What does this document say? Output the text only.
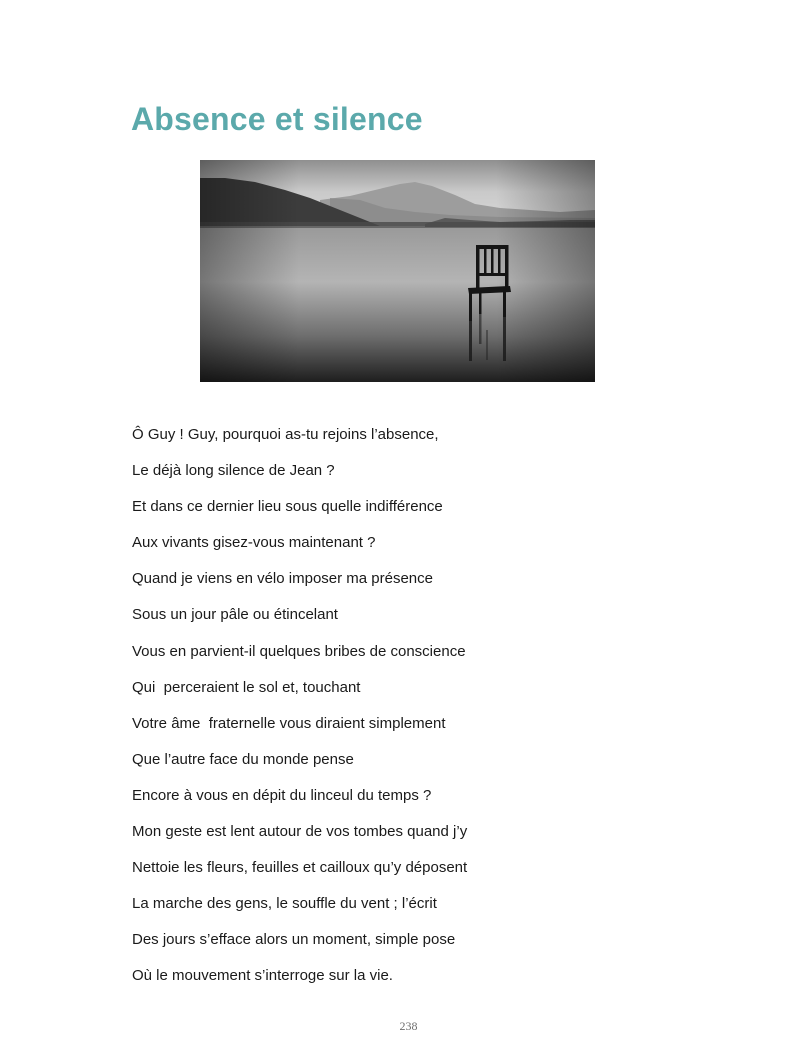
Absence et silence
Ô Guy ! Guy, pourquoi as-tu rejoins l’absence,
Le déjà long silence de Jean ?
Et dans ce dernier lieu sous quelle indifférence
Aux vivants gisez-vous maintenant ?
Quand je viens en vélo imposer ma présence
Sous un jour pâle ou étincelant
Vous en parvient-il quelques bribes de conscience
Qui  perceraient le sol et, touchant
Votre âme  fraternelle vous diraient simplement
Que l’autre face du monde pense
Encore à vous en dépit du linceul du temps ?
Mon geste est lent autour de vos tombes quand j’y
Nettoie les fleurs, feuilles et cailloux qu’y déposent
La marche des gens, le souffle du vent ; l’écrit
Des jours s’efface alors un moment, simple pose
Où le mouvement s’interroge sur la vie.
238
